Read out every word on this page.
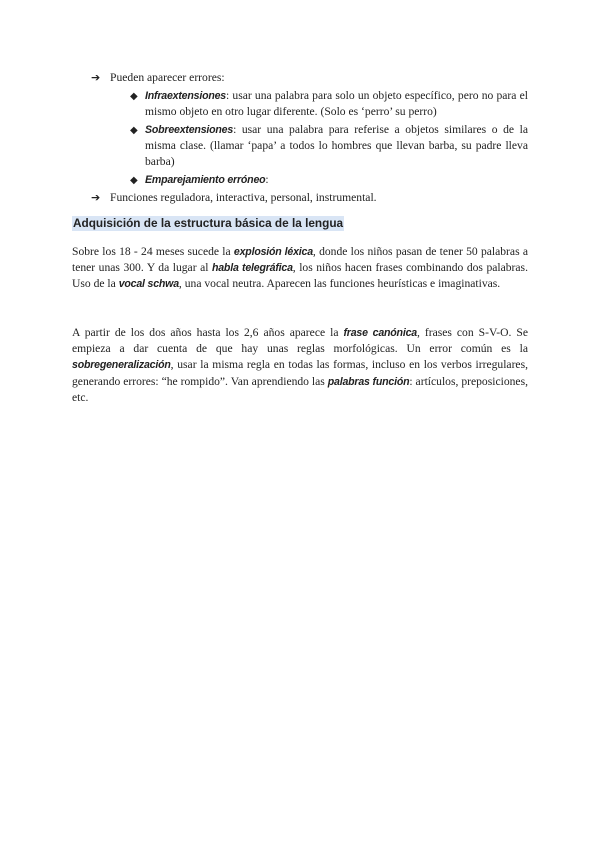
➔ Pueden aparecer errores:
◆ Infraextensiones: usar una palabra para solo un objeto específico, pero no para el mismo objeto en otro lugar diferente. (Solo es ‘perro’ su perro)
◆ Sobreextensiones: usar una palabra para referise a objetos similares o de la misma clase. (llamar ‘papa’ a todos lo hombres que llevan barba, su padre lleva barba)
◆ Emparejamiento erróneo:
➔ Funciones reguladora, interactiva, personal, instrumental.
Adquisición de la estructura básica de la lengua
Sobre los 18 - 24 meses sucede la explosión léxica, donde los niños pasan de tener 50 palabras a tener unas 300. Y da lugar al habla telegráfica, los niños hacen frases combinando dos palabras. Uso de la vocal schwa, una vocal neutra. Aparecen las funciones heurísticas e imaginativas.
A partir de los dos años hasta los 2,6 años aparece la frase canónica, frases con S-V-O. Se empieza a dar cuenta de que hay unas reglas morfológicas. Un error común es la sobregeneralización, usar la misma regla en todas las formas, incluso en los verbos irregulares, generando errores: “he rompido”. Van aprendiendo las palabras función: artículos, preposiciones, etc.
